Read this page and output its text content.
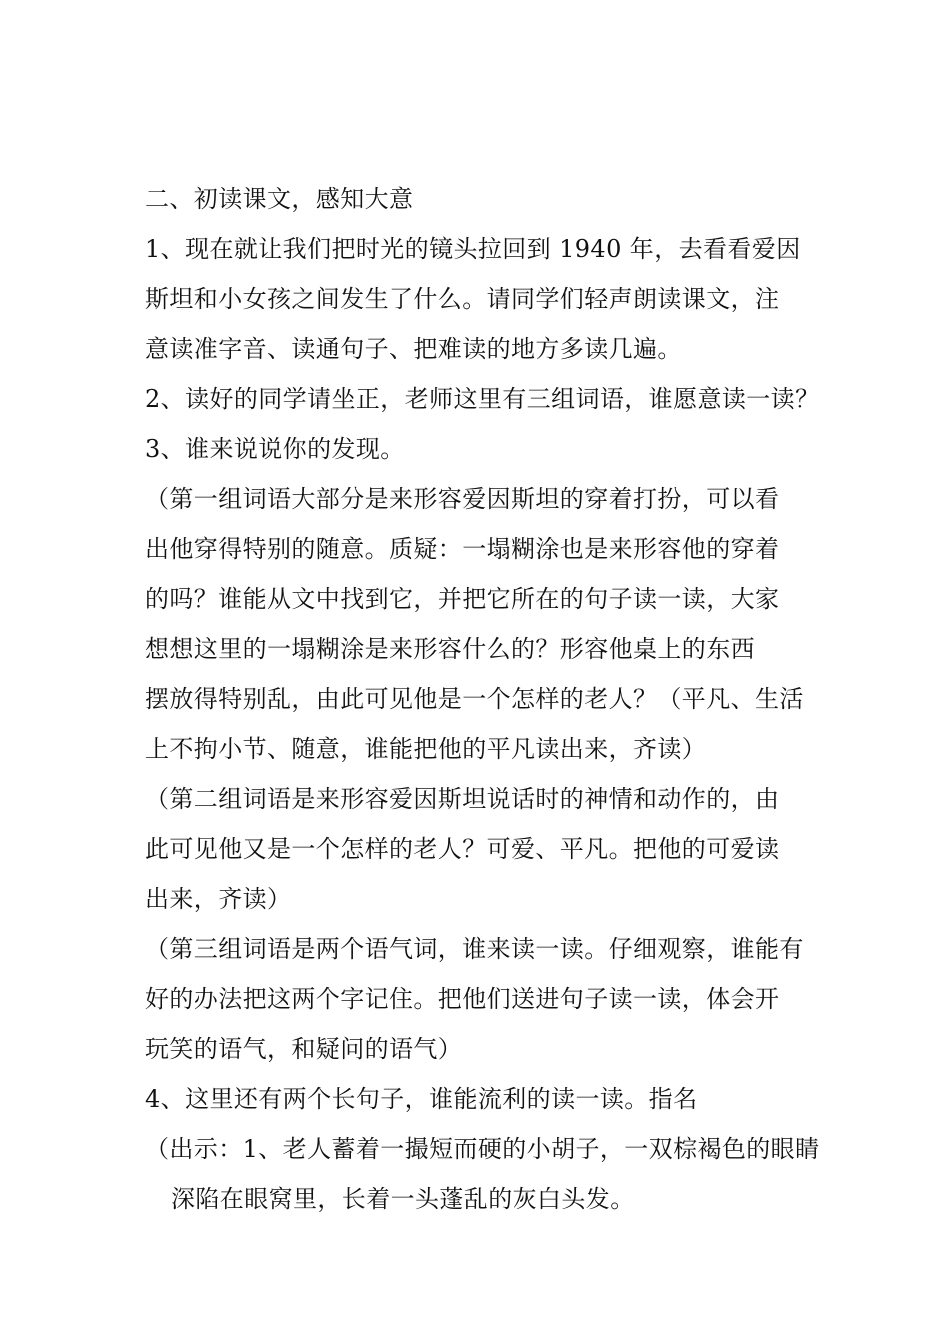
二、初读课文，感知大意
1、现在就让我们把时光的镜头拉回到 1940 年，去看看爱因
斯坦和小女孩之间发生了什么。请同学们轻声朗读课文，注
意读准字音、读通句子、把难读的地方多读几遍。
2、读好的同学请坐正，老师这里有三组词语，谁愿意读一读？
3、谁来说说你的发现。
（第一组词语大部分是来形容爱因斯坦的穿着打扮，可以看
出他穿得特别的随意。质疑：一塌糊涂也是来形容他的穿着
的吗？谁能从文中找到它，并把它所在的句子读一读，大家
想想这里的一塌糊涂是来形容什么的？形容他桌上的东西
摆放得特别乱，由此可见他是一个怎样的老人？（平凡、生活
上不拘小节、随意，谁能把他的平凡读出来，齐读）
（第二组词语是来形容爱因斯坦说话时的神情和动作的，由
此可见他又是一个怎样的老人？可爱、平凡。把他的可爱读
出来，齐读）
（第三组词语是两个语气词，谁来读一读。仔细观察，谁能有
好的办法把这两个字记住。把他们送进句子读一读，体会开
玩笑的语气，和疑问的语气）
4、这里还有两个长句子，谁能流利的读一读。指名
（出示：1、老人蓄着一撮短而硬的小胡子，一双棕褐色的眼睛
深陷在眼窝里，长着一头蓬乱的灰白头发。
